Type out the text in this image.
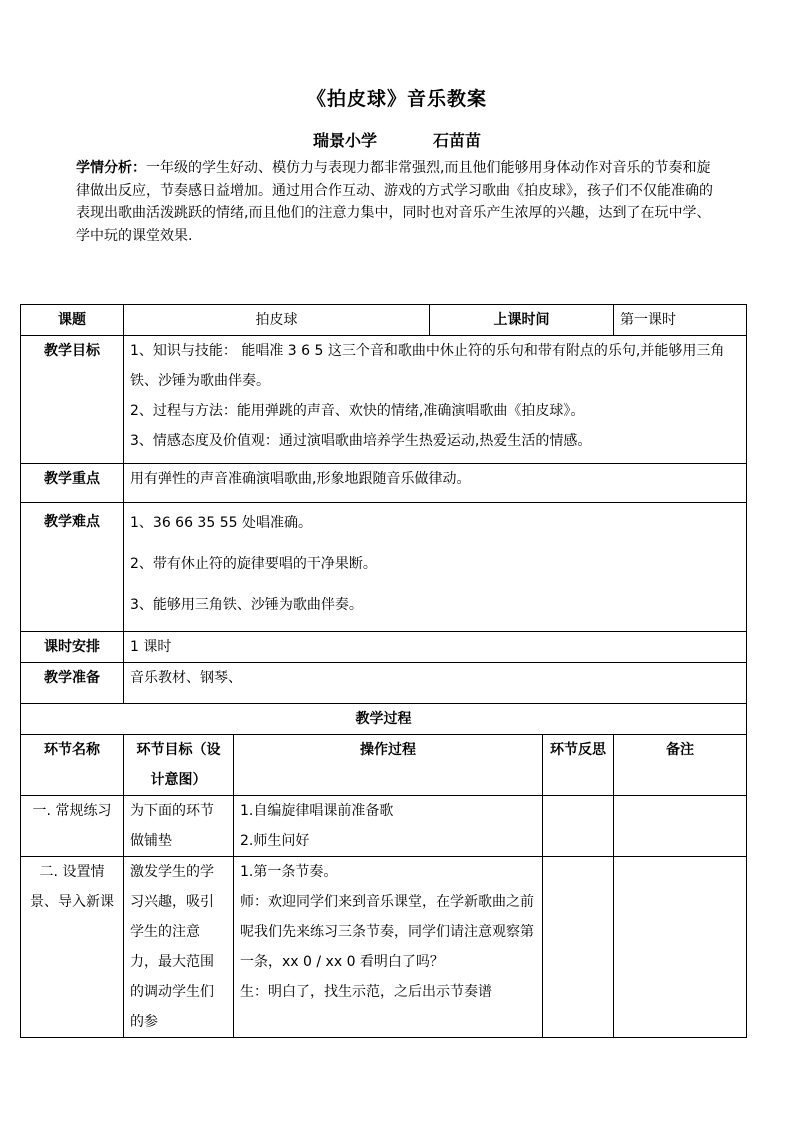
《拍皮球》音乐教案
瑞景小学	石苗苗
学情分析：一年级的学生好动、模仿力与表现力都非常强烈,而且他们能够用身体动作对音乐的节奏和旋律做出反应，节奏感日益增加。通过用合作互动、游戏的方式学习歌曲《拍皮球》，孩子们不仅能准确的表现出歌曲活泼跳跃的情绪,而且他们的注意力集中，同时也对音乐产生浓厚的兴趣，达到了在玩中学、学中玩的课堂效果.
课题	拍皮球		上课时间		第一课时
教学目标	1、知识与技能： 能唱准 3 6 5 这三个音和歌曲中休止符的乐句和带有附点的乐句,并能够用三角铁、沙锤为歌曲伴奏。

2、过程与方法：能用弹跳的声音、欢快的情绪,准确演唱歌曲《拍皮球》。

3、情感态度及价值观：通过演唱歌曲培养学生热爱运动,热爱生活的情感。				

教学重点	用有弹性的声音准确演唱歌曲,形象地跟随音乐做律动。				
教学难点	1、36 66 35 55 处唱准确。

2、带有休止符的旋律要唱的干净果断。

3、能够用三角铁、沙锤为歌曲伴奏。				

课时安排	1 课时				
教学准备	音乐教材、钢琴、				
教学过程					
环节名称	环节目标（设计意图）	操作过程		环节反思	备注
一. 常规练习	为下面的环节做铺垫	1.自编旋律唱课前准备歌

2.师生问好			

二. 设置情景、导入新课	激发学生的学习兴趣，吸引学生的注意力，最大范围的调动学生们的参	1.第一条节奏。

师：欢迎同学们来到音乐课堂，在学新歌曲之前呢我们先来练习三条节奏，同学们请注意观察第一条，xx 0 / xx 0 看明白了吗？

生：明白了，找生示范，之后出示节奏谱			
